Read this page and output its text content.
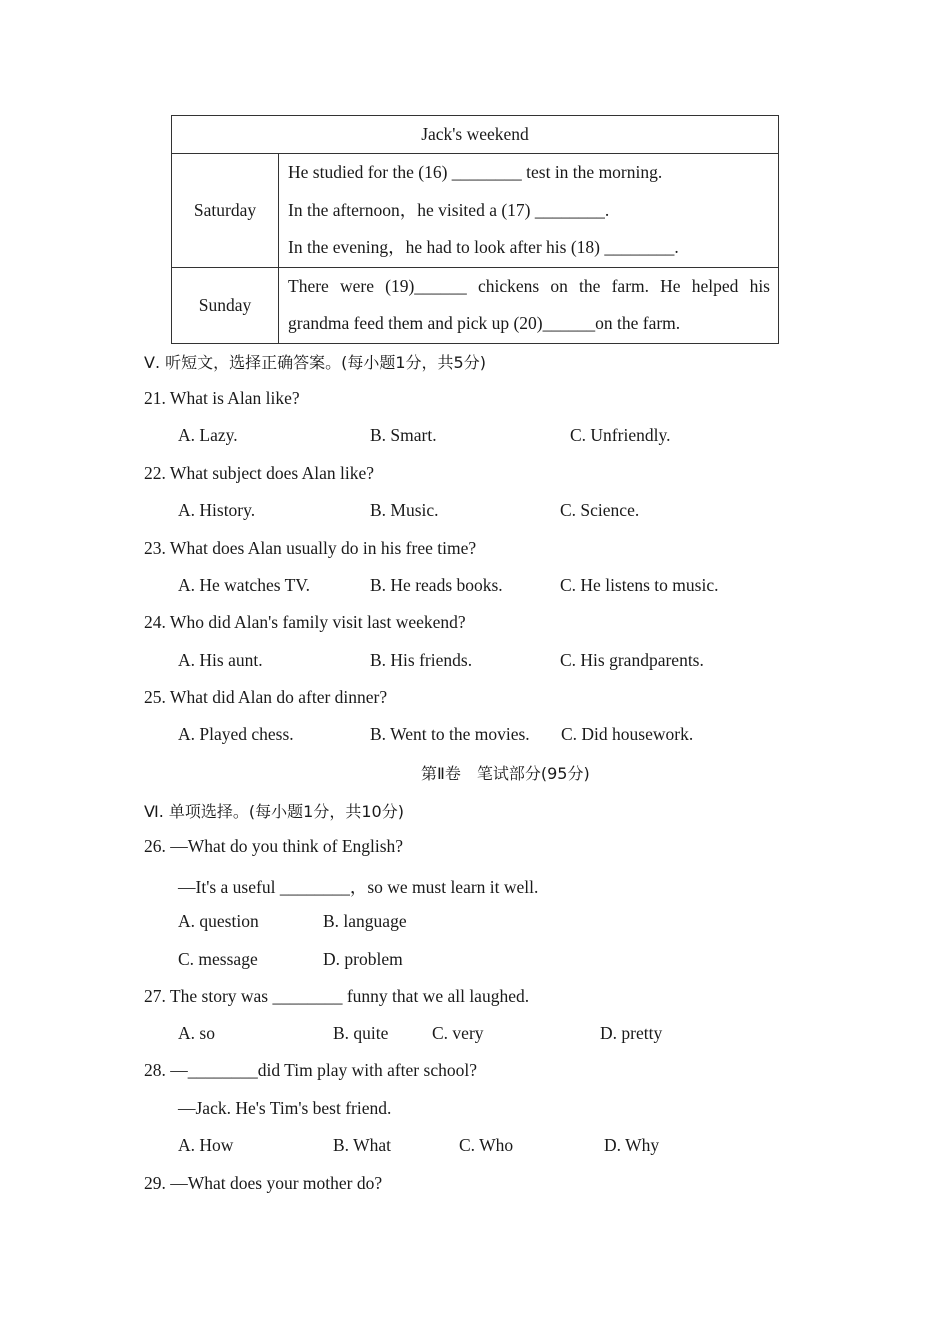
Jack's weekend	
Saturday	He studied for the (16) ________ test in the morning.
In the afternoon，he visited a (17) ________.
In the evening，he had to look after his (18) ________.

Sunday	There were (19)______ chickens on the farm. He helped his
grandma feed them and pick up (20)______on the farm.
Ⅴ. 听短文，选择正确答案。(每小题1分，共5分)
21. What is Alan like?
A. Lazy.	B. Smart.	C. Unfriendly.
22. What subject does Alan like?
A. History.	B. Music.	C. Science.
23. What does Alan usually do in his free time?
A. He watches TV.	B. He reads books.	C. He listens to music.
24. Who did Alan's family visit last weekend?
A. His aunt.	B. His friends.	C. His grandparents.
25. What did Alan do after dinner?
A. Played chess.	B. Went to the movies. C. Did housework.
第Ⅱ卷　笔试部分(95分)
Ⅵ. 单项选择。(每小题1分，共10分)
26. —What do you think of English?
—It's a useful ________，so we must learn it well.
A. question	B. language
C. message	D. problem
27. The story was ________ funny that we all laughed.
A. so	B. quite C. very	D. pretty
28. —________did Tim play with after school?
—Jack. He's Tim's best friend.
A. How	B. What	C. Who	D. Why
29. —What does your mother do?
